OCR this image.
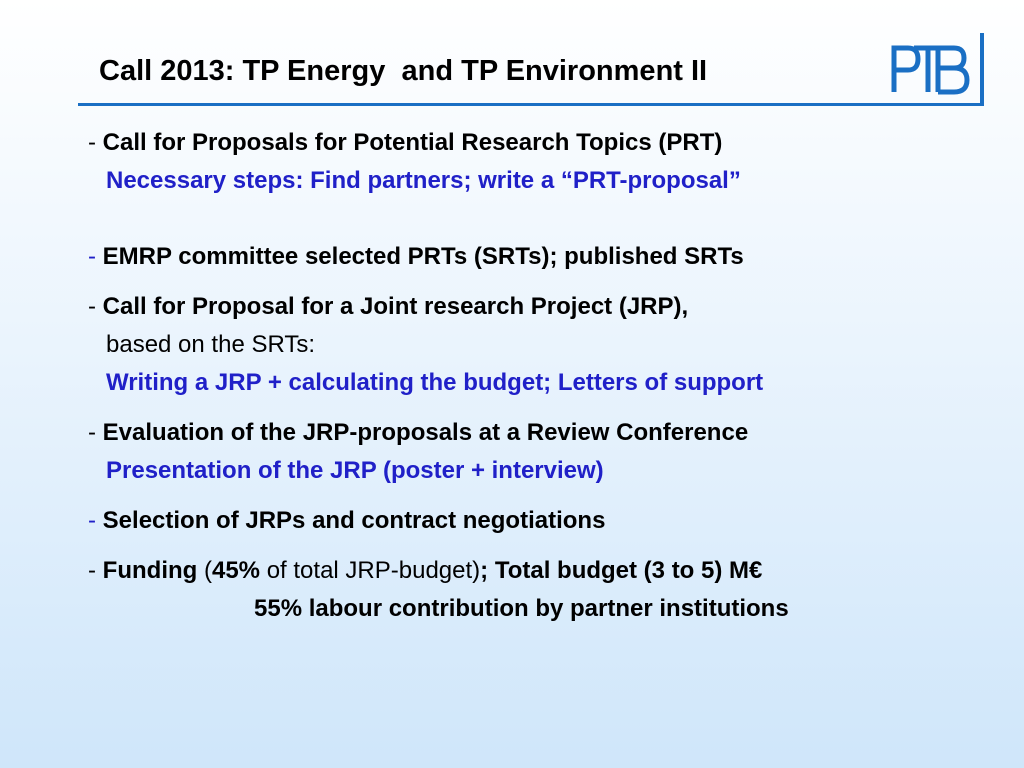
Call 2013: TP Energy  and TP Environment II
- Call for Proposals for Potential Research Topics (PRT)
Necessary steps: Find partners; write a “PRT-proposal”
- EMRP committee selected PRTs (SRTs); published SRTs
- Call for Proposal for a Joint research Project (JRP),
based on the SRTs:
Writing a JRP + calculating the budget; Letters of support
- Evaluation of the JRP-proposals at a Review Conference
Presentation of the JRP (poster + interview)
- Selection of JRPs and contract negotiations
- Funding (45% of total JRP-budget); Total budget (3 to 5) M€
55% labour contribution by partner institutions
